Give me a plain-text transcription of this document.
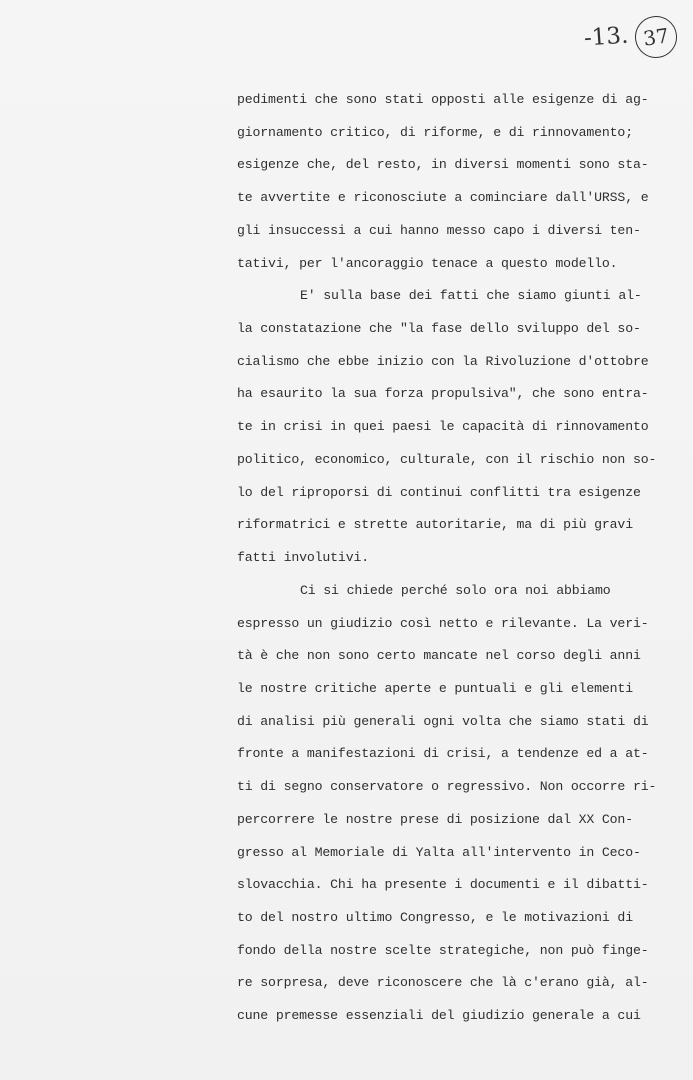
-13. 37
pedimenti che sono stati opposti alle esigenze di ag-
giornamento critico, di riforme, e di rinnovamento;
esigenze che, del resto, in diversi momenti sono sta-
te avvertite e riconosciute a cominciare dall'URSS, e
gli insuccessi a cui hanno messo capo i diversi ten-
tativi, per l'ancoraggio tenace a questo modello.
E' sulla base dei fatti che siamo giunti al-
la constatazione che "la fase dello sviluppo del so-
cialismo che ebbe inizio con la Rivoluzione d'ottobre
ha esaurito la sua forza propulsiva", che sono entra-
te in crisi in quei paesi le capacità di rinnovamento
politico, economico, culturale, con il rischio non so-
lo del riproporsi di continui conflitti tra esigenze
riformatrici e strette autoritarie, ma di più gravi
fatti involutivi.
Ci si chiede perché solo ora noi abbiamo
espresso un giudizio così netto e rilevante. La veri-
tà è che non sono certo mancate nel corso degli anni
le nostre critiche aperte e puntuali e gli elementi
di analisi più generali ogni volta che siamo stati di
fronte a manifestazioni di crisi, a tendenze ed a at-
ti di segno conservatore o regressivo. Non occorre ri-
percorrere le nostre prese di posizione dal XX Con-
gresso al Memoriale di Yalta all'intervento in Ceco-
slovacchia. Chi ha presente i documenti e il dibatti-
to del nostro ultimo Congresso, e le motivazioni di
fondo della nostre scelte strategiche, non può finge-
re sorpresa, deve riconoscere che là c'erano già, al-
cune premesse essenziali del giudizio generale a cui
